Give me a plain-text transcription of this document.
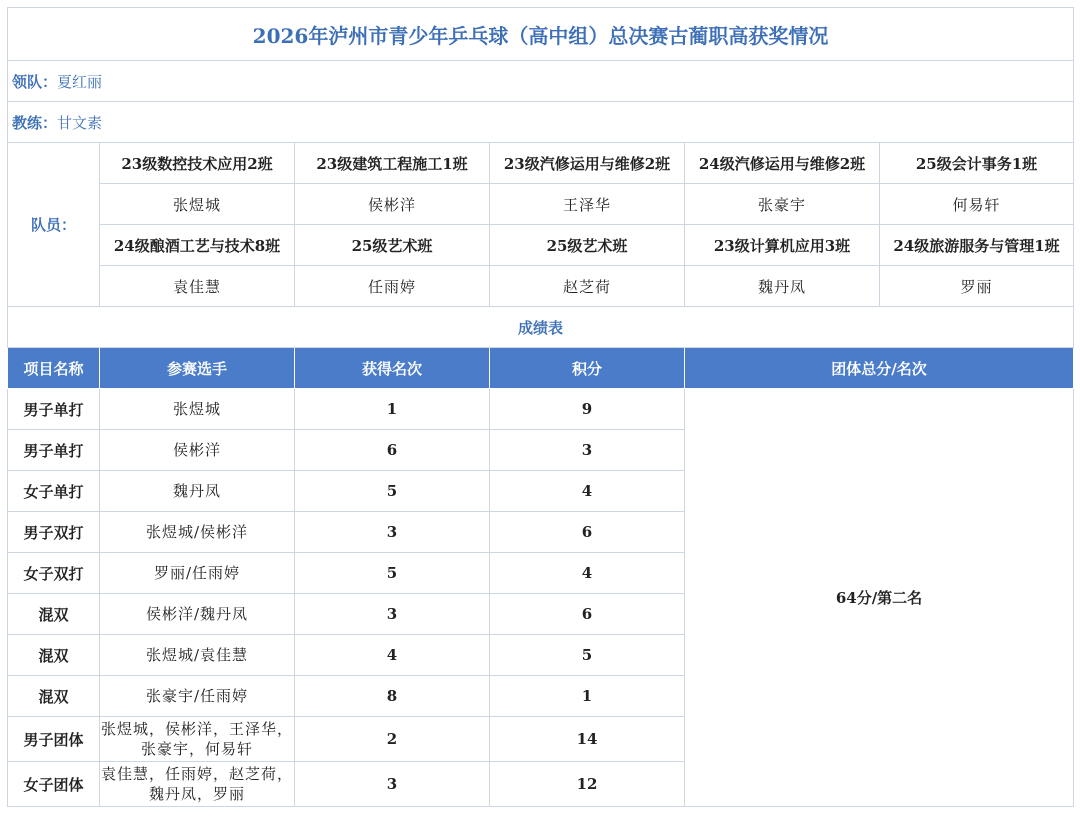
2026年泸州市青少年乒乓球（高中组）总决赛古蔺职高获奖情况					
领队：夏红丽					
教练：甘文素					
队员：	23级数控技术应用2班	23级建筑工程施工1班	23级汽修运用与维修2班	24级汽修运用与维修2班	25级会计事务1班
	张煜城	侯彬洋	王泽华	张豪宇	何易轩
	24级酿酒工艺与技术8班	25级艺术班	25级艺术班	23级计算机应用3班	24级旅游服务与管理1班
	袁佳慧	任雨婷	赵芝荷	魏丹凤	罗丽
成绩表					
项目名称	参赛选手	获得名次	积分	团体总分/名次	
男子单打	张煜城	1	9	64分/第二名	
男子单打	侯彬洋	6	3		
女子单打	魏丹凤	5	4		
男子双打	张煜城/侯彬洋	3	6		
女子双打	罗丽/任雨婷	5	4		
混双	侯彬洋/魏丹凤	3	6		
混双	张煜城/袁佳慧	4	5		
混双	张豪宇/任雨婷	8	1		
男子团体	张煜城，侯彬洋，王泽华，张豪宇，何易轩	2	14		
女子团体	袁佳慧，任雨婷，赵芝荷，魏丹凤，罗丽	3	12		
